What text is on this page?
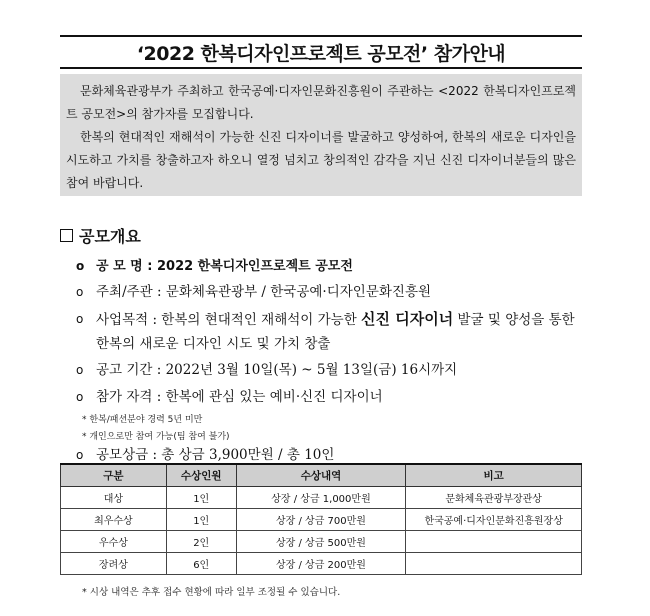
‘2022 한복디자인프로젝트 공모전’ 참가안내

문화체육관광부가 주최하고 한국공예·디자인문화진흥원이 주관하는 <2022 한복디자인프로젝트 공모전>의 참가자를 모집합니다.

한복의 현대적인 재해석이 가능한 신진 디자이너를 발굴하고 양성하여, 한복의 새로운 디자인을 시도하고 가치를 창출하고자 하오니 열정 넘치고 창의적인 감각을 지닌 신진 디자이너분들의 많은 참여 바랍니다.

공모개요
o 공 모 명 : 2022 한복디자인프로젝트 공모전
o 주최/주관 : 문화체육관광부 / 한국공예·디자인문화진흥원
o 사업목적 : 한복의 현대적인 재해석이 가능한 신진 디자이너 발굴 및 양성을 통한 한복의 새로운 디자인 시도 및 가치 창출
o 공고 기간 : 2022년 3월 10일(목) ~ 5월 13일(금) 16시까지
o 참가 자격 : 한복에 관심 있는 예비·신진 디자이너
* 한복/패션분야 경력 5년 미만
* 개인으로만 참여 가능(팀 참여 불가)
o 공모상금 : 총 상금 3,900만원 / 총 10인
구분	수상인원	수상내역	비고
대상	1인	상장 / 상금 1,000만원	문화체육관광부장관상
최우수상	1인	상장 / 상금 700만원	한국공예·디자인문화진흥원장상
우수상	2인	상장 / 상금 500만원	
장려상	6인	상장 / 상금 200만원	
* 시상 내역은 추후 접수 현황에 따라 일부 조정될 수 있습니다.
